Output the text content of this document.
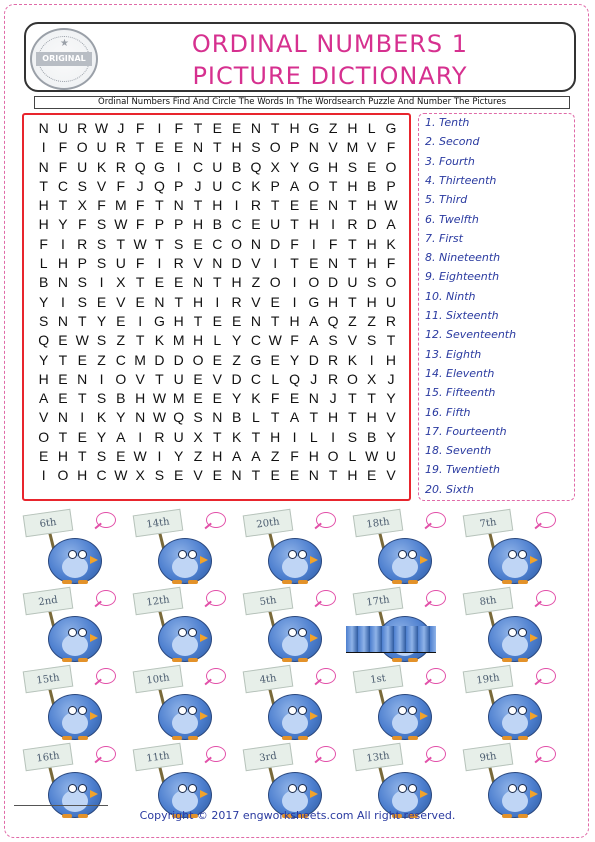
★
ORIGINAL
ORDINAL NUMBERS 1
PICTURE DICTIONARY
Ordinal Numbers Find And Circle The Words In The Wordsearch Puzzle And Number The Pictures
N U R W J F I F T E E N T H G Z H L G
I F O U R T E E N T H S O P N V M V F
N F U K R Q G I C U B Q X Y G H S E O
T C S V F J Q P J U C K P A O T H B P
H T X F M F T N T H I R T E E N T H W
H Y F S W F P P H B C E U T H I R D A
F I R S T W T S E C O N D F I F T H K
L H P S U F I R V N D V I T E N T H F
B N S I X T E E N T H Z O I O D U S O
Y I S E V E N T H I R V E I G H T H U
S N T Y E I G H T E E N T H A Q Z Z R
Q E W S Z T K M H L Y C W F A S V S T
Y T E Z C M D D O E Z G E Y D R K I H
H E N I O V T U E V D C L Q J R O X J
A E T S B H W M E E Y K F E N J T T Y
V N I K Y N W Q S N B L T A T H T H V
O T E Y A I R U X T K T H I L I S B Y
E H T S E W I Y Z H A A Z F H O L W U
I O H C W X S E V E N T E E N T H E V
1. Tenth
2. Second
3. Fourth
4. Thirteenth
5. Third
6. Twelfth
7. First
8. Nineteenth
9. Eighteenth
10. Ninth
11. Sixteenth
12. Seventeenth
13. Eighth
14. Eleventh
15. Fifteenth
16. Fifth
17. Fourteenth
18. Seventh
19. Twentieth
20. Sixth
6th	14th	20th	18th	7th
2nd	12th	5th	17th	8th
15th	10th	4th	1st	19th
16th	11th	3rd	13th	9th
Copyright © 2017 engworksheets.com All right reserved.
